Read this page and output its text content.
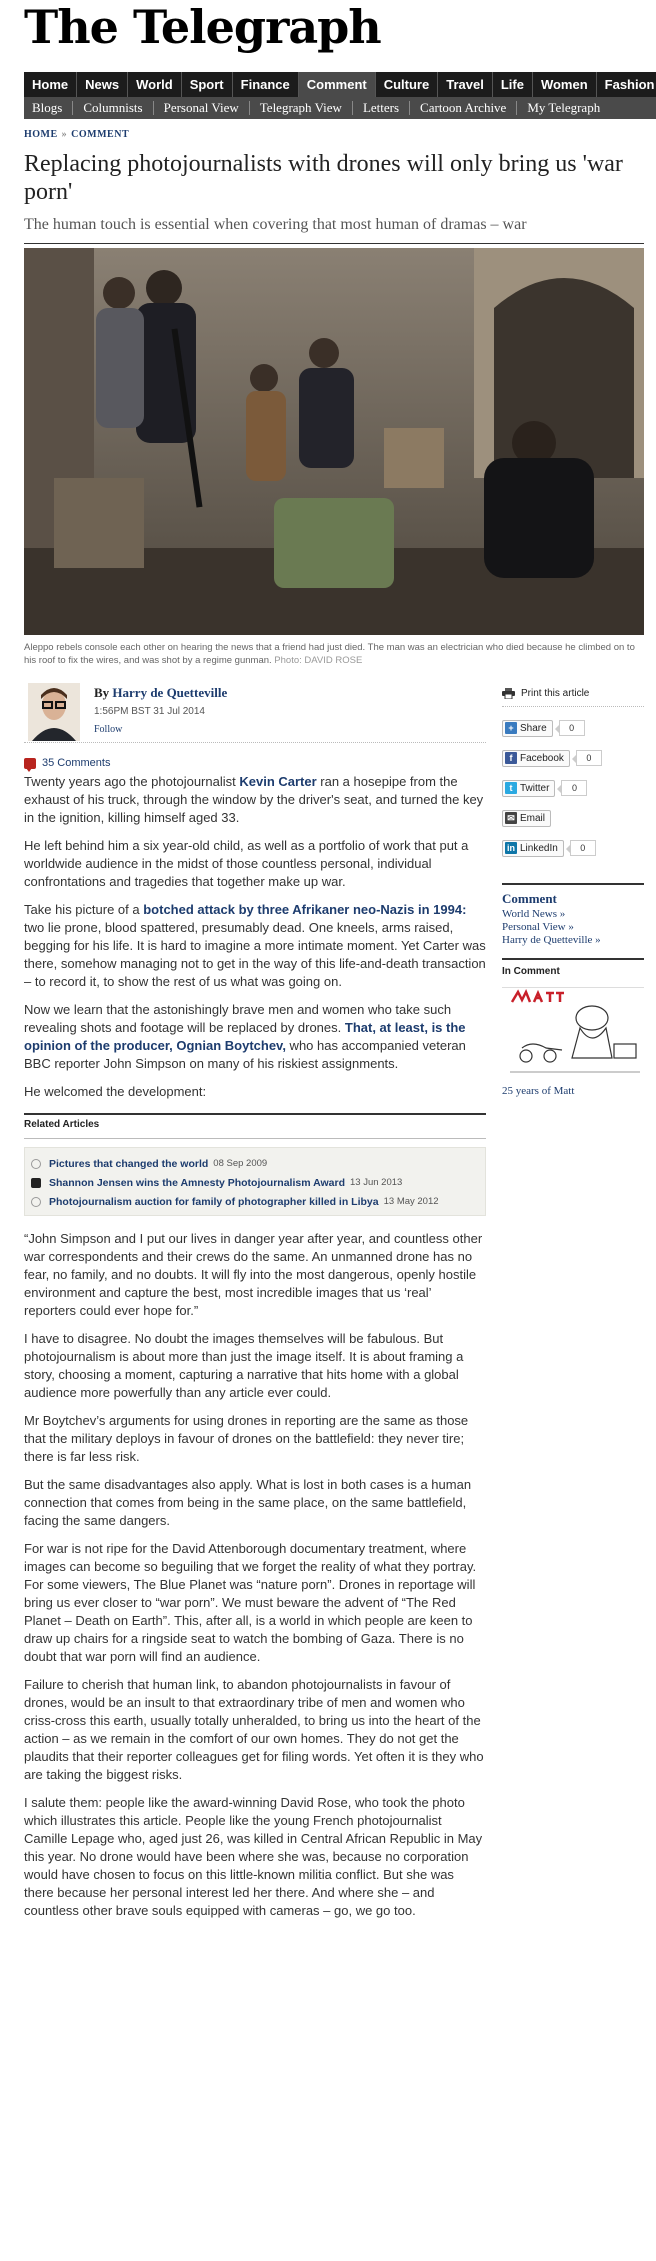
The Telegraph
Home	News	World	Sport	Finance	Comment	Culture	Travel	Life	Women	Fashion
Blogs	Columnists	Personal View	Telegraph View	Letters	Cartoon Archive	My Telegraph
HOME » COMMENT
Replacing photojournalists with drones will only bring us 'war porn'
The human touch is essential when covering that most human of dramas – war
Aleppo rebels console each other on hearing the news that a friend had just died. The man was an electrician who died because he climbed on to his roof to fix the wires, and was shot by a regime gunman. Photo: DAVID ROSE
By Harry de Quetteville
1:56PM BST 31 Jul 2014
Follow
35 Comments

Twenty years ago the photojournalist Kevin Carter ran a hosepipe from the exhaust of his truck, through the window by the driver's seat, and turned the key in the ignition, killing himself aged 33.

He left behind him a six year-old child, as well as a portfolio of work that put a worldwide audience in the midst of those countless personal, individual confrontations and tragedies that together make up war.

Take his picture of a botched attack by three Afrikaner neo-Nazis in 1994: two lie prone, blood spattered, presumably dead. One kneels, arms raised, begging for his life. It is hard to imagine a more intimate moment. Yet Carter was there, somehow managing not to get in the way of this life-and-death transaction – to record it, to show the rest of us what was going on.

Now we learn that the astonishingly brave men and women who take such revealing shots and footage will be replaced by drones. That, at least, is the opinion of the producer, Ognian Boytchev, who has accompanied veteran BBC reporter John Simpson on many of his riskiest assignments.

He welcomed the development:

Related Articles
Pictures that changed the world 08 Sep 2009
Shannon Jensen wins the Amnesty Photojournalism Award 13 Jun 2013
Photojournalism auction for family of photographer killed in Libya 13 May 2012

“John Simpson and I put our lives in danger year after year, and countless other war correspondents and their crews do the same. An unmanned drone has no fear, no family, and no doubts. It will fly into the most dangerous, openly hostile environment and capture the best, most incredible images that us ‘real’ reporters could ever hope for.”

I have to disagree. No doubt the images themselves will be fabulous. But photojournalism is about more than just the image itself. It is about framing a story, choosing a moment, capturing a narrative that hits home with a global audience more powerfully than any article ever could.

Mr Boytchev’s arguments for using drones in reporting are the same as those that the military deploys in favour of drones on the battlefield: they never tire; there is far less risk.

But the same disadvantages also apply. What is lost in both cases is a human connection that comes from being in the same place, on the same battlefield, facing the same dangers.

For war is not ripe for the David Attenborough documentary treatment, where images can become so beguiling that we forget the reality of what they portray. For some viewers, The Blue Planet was “nature porn”. Drones in reportage will bring us ever closer to “war porn”. We must beware the advent of “The Red Planet – Death on Earth”. This, after all, is a world in which people are keen to draw up chairs for a ringside seat to watch the bombing of Gaza. There is no doubt that war porn will find an audience.

Failure to cherish that human link, to abandon photojournalists in favour of drones, would be an insult to that extraordinary tribe of men and women who criss-cross this earth, usually totally unheralded, to bring us into the heart of the action – as we remain in the comfort of our own homes. They do not get the plaudits that their reporter colleagues get for filing words. Yet often it is they who are taking the biggest risks.

I salute them: people like the award-winning David Rose, who took the photo which illustrates this article. People like the young French photojournalist Camille Lepage who, aged just 26, was killed in Central African Republic in May this year. No drone would have been where she was, because no corporation would have chosen to focus on this little-known militia conflict. But she was there because her personal interest led her there. And where she – and countless other brave souls equipped with cameras – go, we go too.

Print this article
+ Share	0
f Facebook	0
t Twitter	0
✉ Email
in LinkedIn	0
Comment
World News »
Personal View »
Harry de Quetteville »
In Comment
25 years of Matt
